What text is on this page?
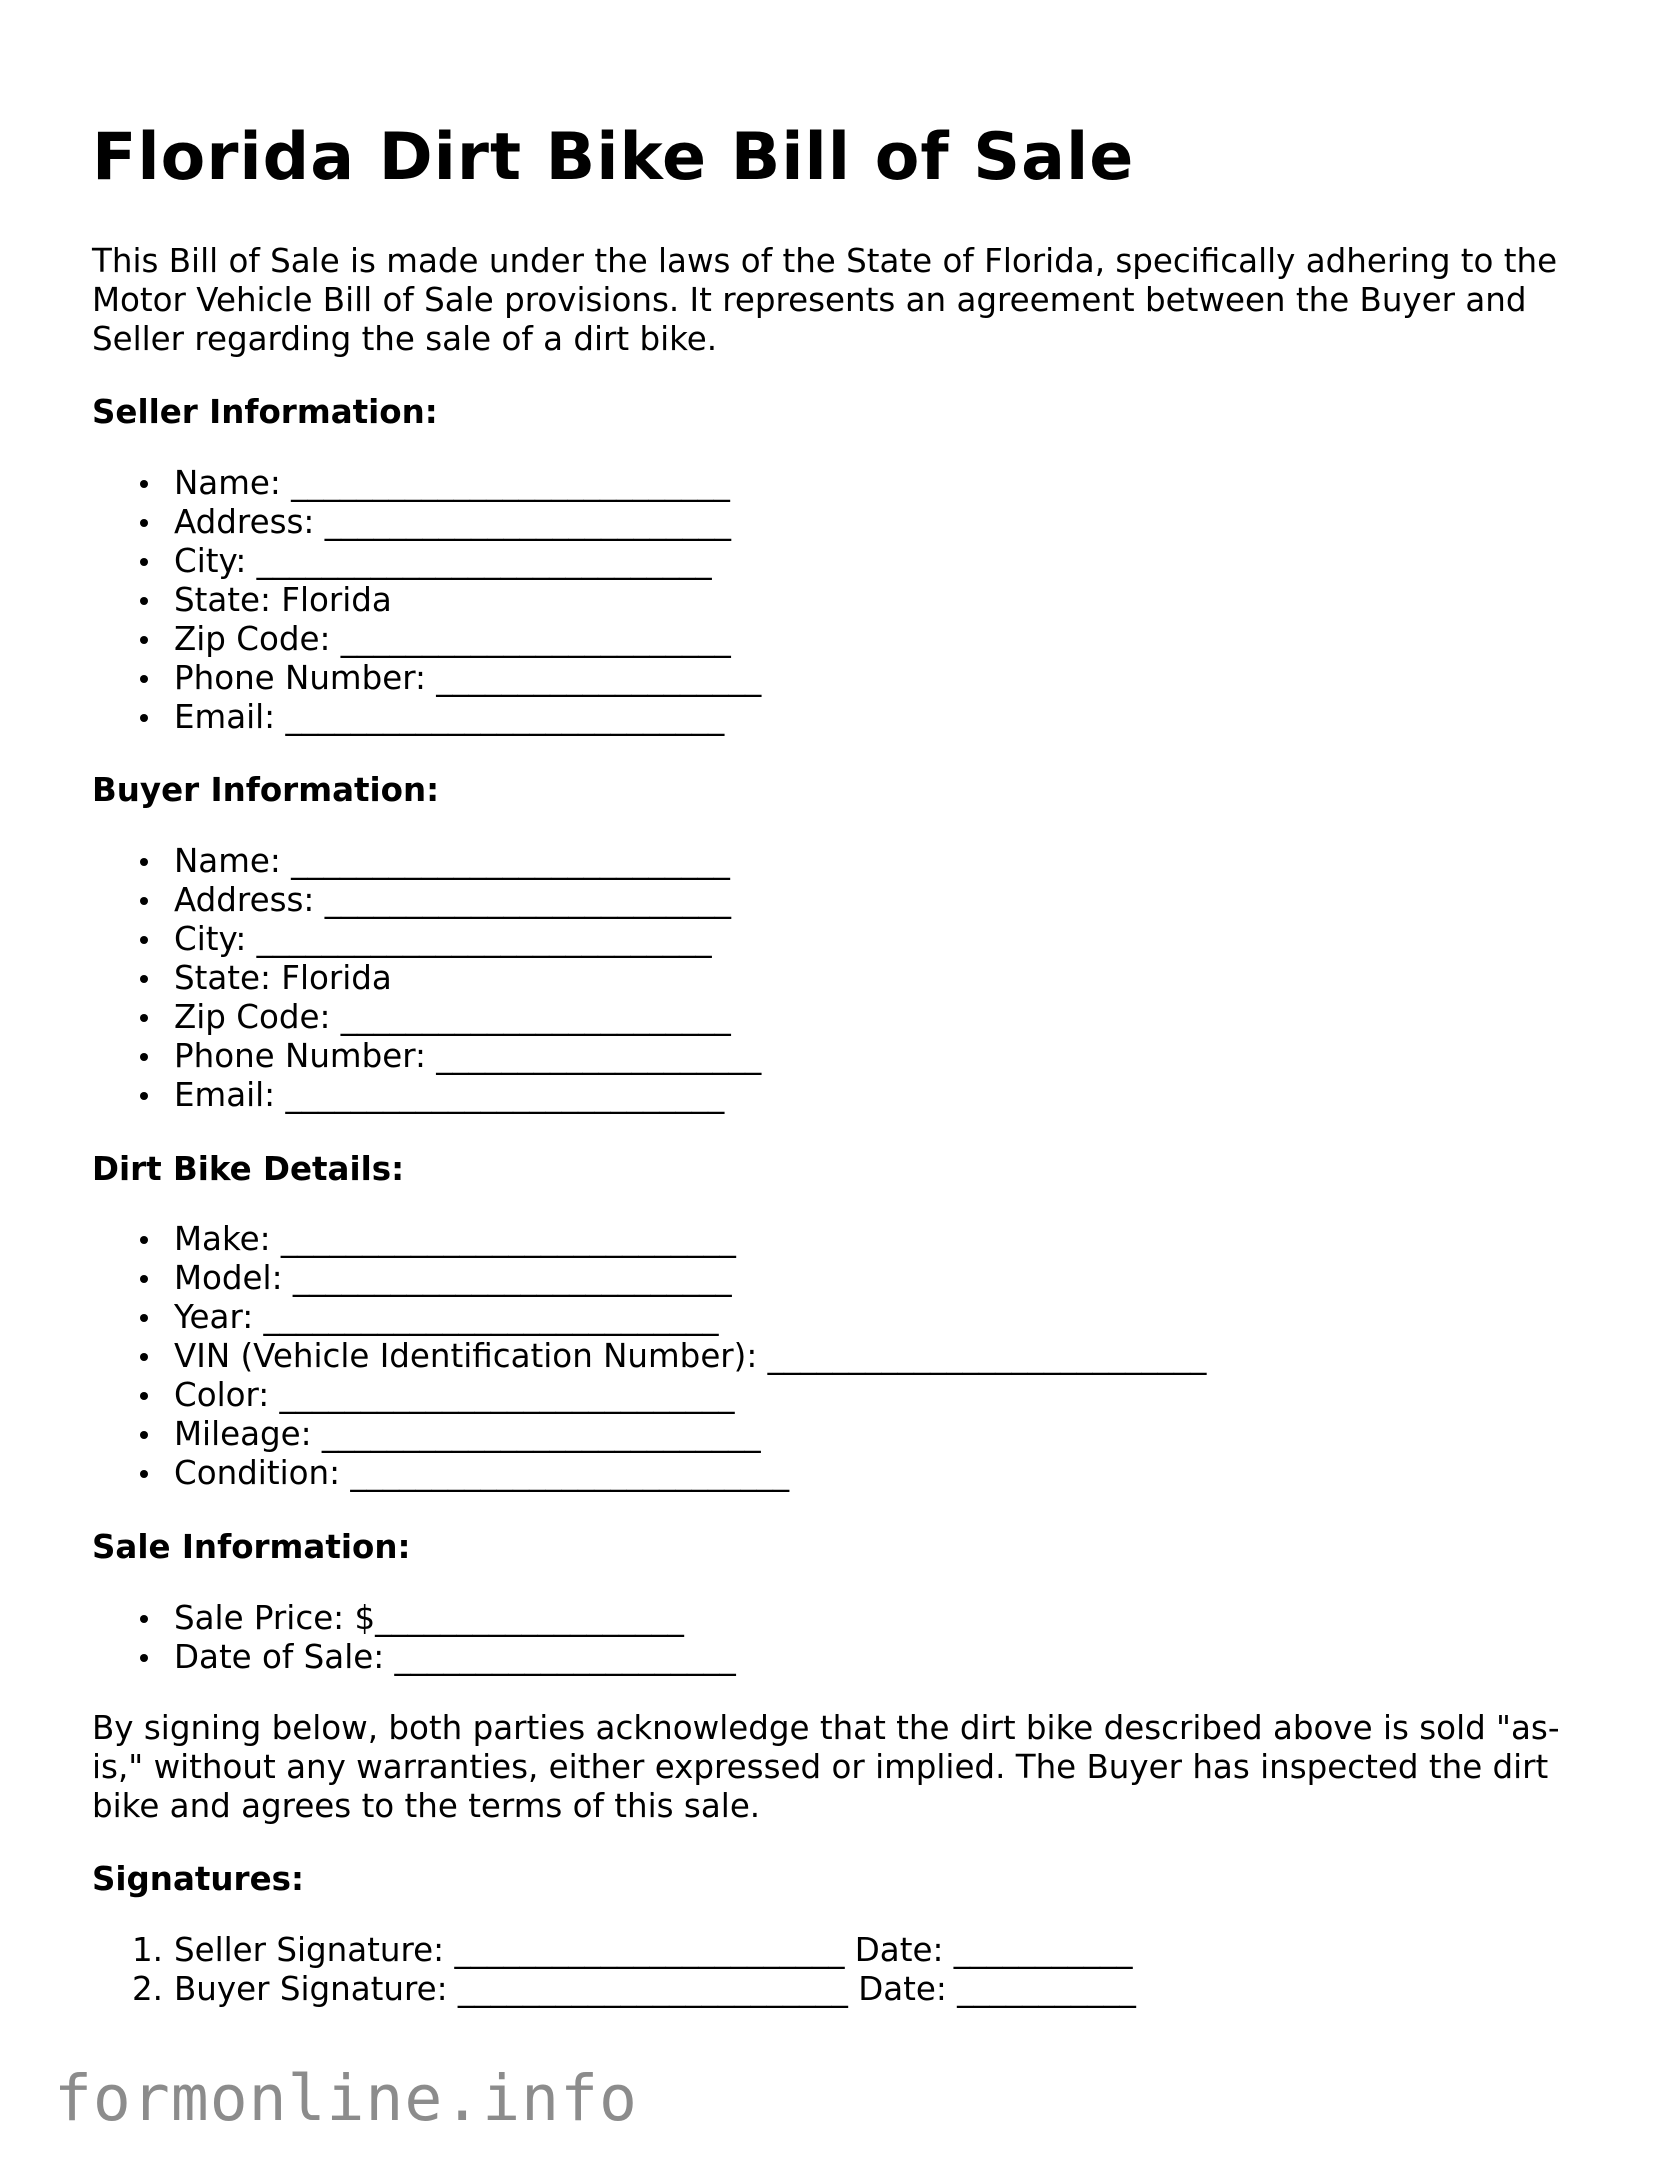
Florida Dirt Bike Bill of Sale

This Bill of Sale is made under the laws of the State of Florida, specifically adhering to the Motor Vehicle Bill of Sale provisions. It represents an agreement between the Buyer and Seller regarding the sale of a dirt bike.

Seller Information:
Name: ___________________________
Address: _________________________
City: ____________________________
State: Florida
Zip Code: ________________________
Phone Number: ____________________
Email: ___________________________
Buyer Information:
Name: ___________________________
Address: _________________________
City: ____________________________
State: Florida
Zip Code: ________________________
Phone Number: ____________________
Email: ___________________________
Dirt Bike Details:
Make: ____________________________
Model: ___________________________
Year: ____________________________
VIN (Vehicle Identification Number): ___________________________
Color: ____________________________
Mileage: ___________________________
Condition: ___________________________
Sale Information:
Sale Price: $___________________
Date of Sale: _____________________

By signing below, both parties acknowledge that the dirt bike described above is sold "as-is," without any warranties, either expressed or implied. The Buyer has inspected the dirt bike and agrees to the terms of this sale.

Signatures:
1. Seller Signature: ________________________ Date: ___________
2. Buyer Signature: ________________________ Date: ___________
formonline.info
